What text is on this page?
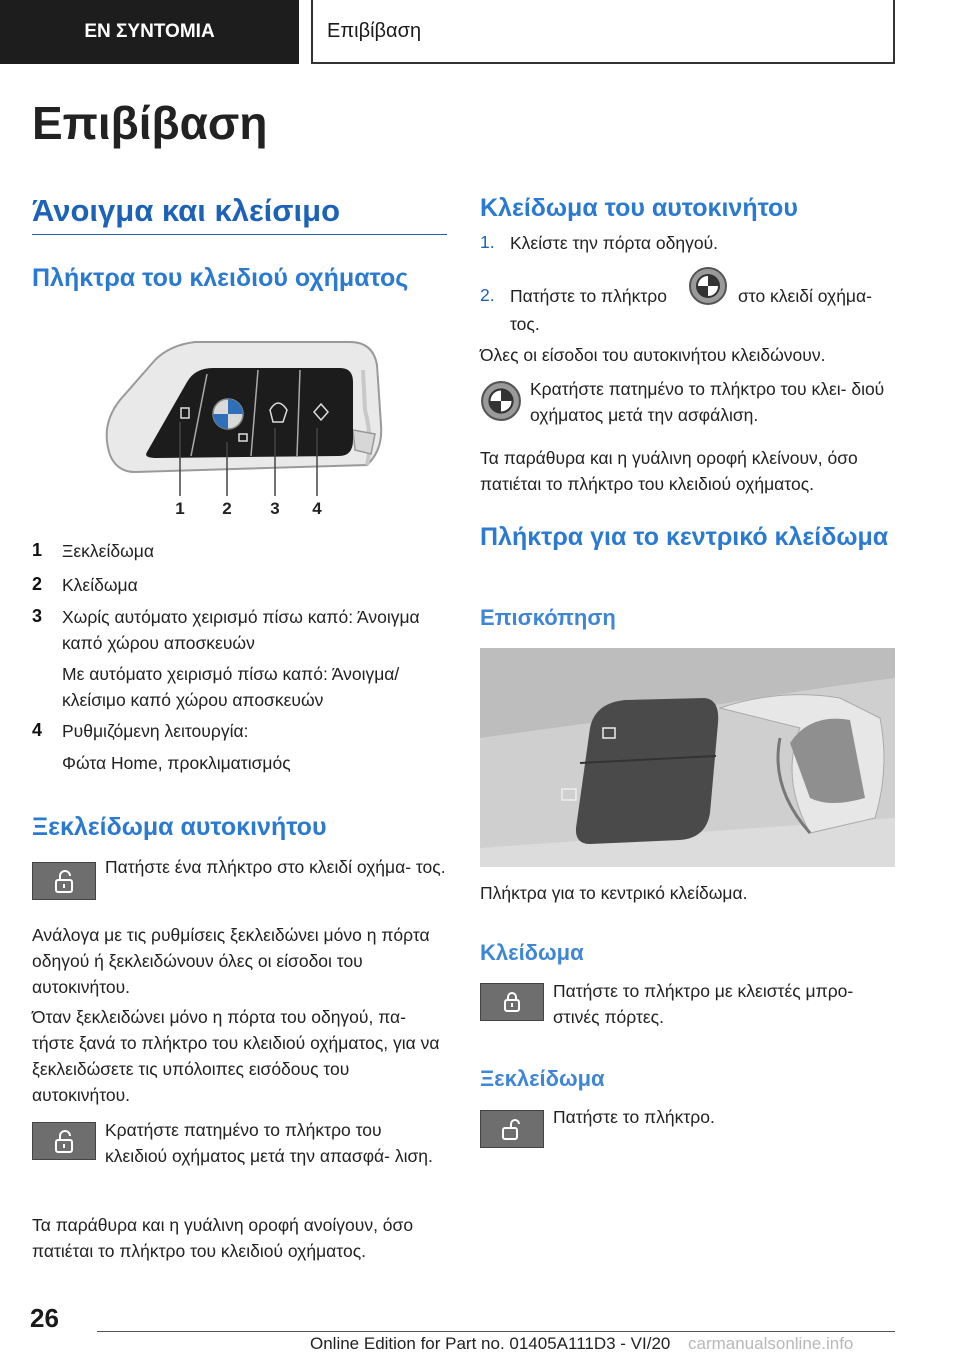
ΕΝ ΣΥΝΤΟΜΙΑ	Επιβίβαση
Επιβίβαση
Άνοιγμα και κλείσιμο
Πλήκτρα του κλειδιού οχήματος
1 2 3 4
1 Ξεκλείδωμα

2 Κλείδωμα

3 Χωρίς αυτόματο χειρισμό πίσω καπό: Άνοιγμα καπό χώρου αποσκευών

Με αυτόματο χειρισμό πίσω καπό: Άνοιγμα/ κλείσιμο καπό χώρου αποσκευών

4 Ρυθμιζόμενη λειτουργία:

Φώτα Home, προκλιματισμός

Ξεκλείδωμα αυτοκινήτου

Πατήστε ένα πλήκτρο στο κλειδί οχήμα- τος.

Ανάλογα με τις ρυθμίσεις ξεκλειδώνει μόνο η πόρτα οδηγού ή ξεκλειδώνουν όλες οι είσοδοι του αυτοκινήτου.

Όταν ξεκλειδώνει μόνο η πόρτα του οδηγού, πα- τήστε ξανά το πλήκτρο του κλειδιού οχήματος, για να ξεκλειδώσετε τις υπόλοιπες εισόδους του αυτοκινήτου.

Κρατήστε πατημένο το πλήκτρο του κλειδιού οχήματος μετά την απασφά- λιση.

Τα παράθυρα και η γυάλινη οροφή ανοίγουν, όσο πατιέται το πλήκτρο του κλειδιού οχήματος.

Κλείδωμα του αυτοκινήτου
1. Κλείστε την πόρτα οδηγού.

2. Πατήστε το πλήκτρο	στο κλειδί οχήμα-

τος.

Όλες οι είσοδοι του αυτοκινήτου κλειδώνουν.

Κρατήστε πατημένο το πλήκτρο του κλει- διού οχήματος μετά την ασφάλιση.

Τα παράθυρα και η γυάλινη οροφή κλείνουν, όσο πατιέται το πλήκτρο του κλειδιού οχήματος.

Πλήκτρα για το κεντρικό κλείδωμα
Επισκόπηση

Πλήκτρα για το κεντρικό κλείδωμα.

Κλείδωμα

Πατήστε το πλήκτρο με κλειστές μπρο- στινές πόρτες.

Ξεκλείδωμα

Πατήστε το πλήκτρο.

26
Online Edition for Part no. 01405A111D3 - VI/20 carmanualsonline.info
